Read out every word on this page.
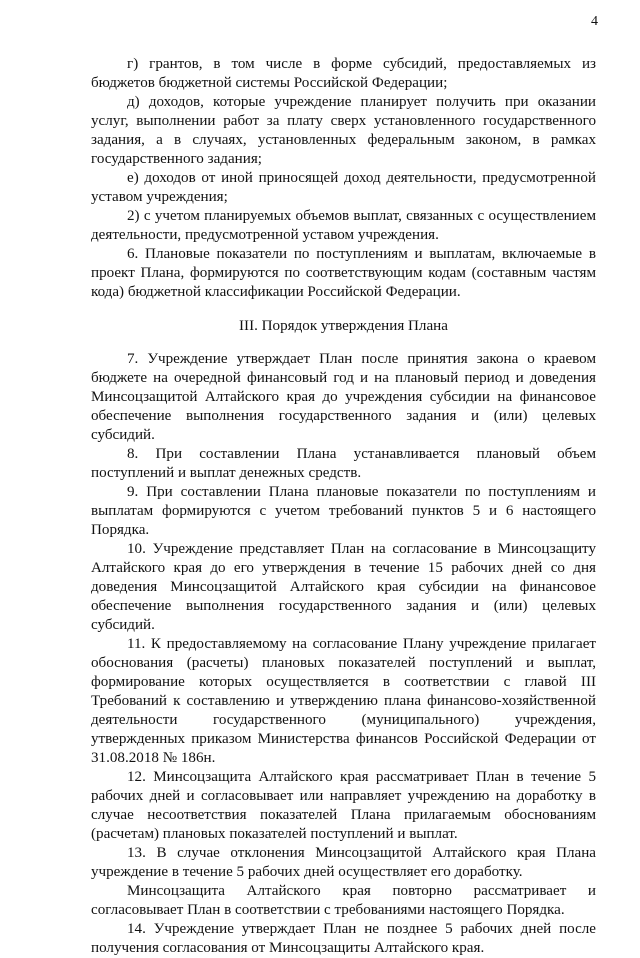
4

г) грантов, в том числе в форме субсидий, предоставляемых из бюджетов бюджетной системы Российской Федерации;

д) доходов, которые учреждение планирует получить при оказании услуг, выполнении работ за плату сверх установленного государственного задания, а в случаях, установленных федеральным законом, в рамках государственного задания;

е) доходов от иной приносящей доход деятельности, предусмотренной уставом учреждения;

2) с учетом планируемых объемов выплат, связанных с осуществлением деятельности, предусмотренной уставом учреждения.

6. Плановые показатели по поступлениям и выплатам, включаемые в проект Плана, формируются по соответствующим кодам (составным частям кода) бюджетной классификации Российской Федерации.

III. Порядок утверждения Плана

7. Учреждение утверждает План после принятия закона о краевом бюджете на очередной финансовый год и на плановый период и доведения Минсоцзащитой Алтайского края до учреждения субсидии на финансовое обеспечение выполнения государственного задания и (или) целевых субсидий.

8. При составлении Плана устанавливается плановый объем поступлений и выплат денежных средств.

9. При составлении Плана плановые показатели по поступлениям и выплатам формируются с учетом требований пунктов 5 и 6 настоящего Порядка.

10. Учреждение представляет План на согласование в Минсоцзащиту Алтайского края до его утверждения в течение 15 рабочих дней со дня доведения Минсоцзащитой Алтайского края субсидии на финансовое обеспечение выполнения государственного задания и (или) целевых субсидий.

11. К предоставляемому на согласование Плану учреждение прилагает обоснования (расчеты) плановых показателей поступлений и выплат, формирование которых осуществляется в соответствии с главой III Требований к составлению и утверждению плана финансово-хозяйственной деятельности государственного (муниципального) учреждения, утвержденных приказом Министерства финансов Российской Федерации от 31.08.2018 № 186н.

12. Минсоцзащита Алтайского края рассматривает План в течение 5 рабочих дней и согласовывает или направляет учреждению на доработку в случае несоответствия показателей Плана прилагаемым обоснованиям (расчетам) плановых показателей поступлений и выплат.

13. В случае отклонения Минсоцзащитой Алтайского края Плана учреждение в течение 5 рабочих дней осуществляет его доработку.

Минсоцзащита Алтайского края повторно рассматривает и согласовывает План в соответствии с требованиями настоящего Порядка.

14. Учреждение утверждает План не позднее 5 рабочих дней после получения согласования от Минсоцзащиты Алтайского края.
